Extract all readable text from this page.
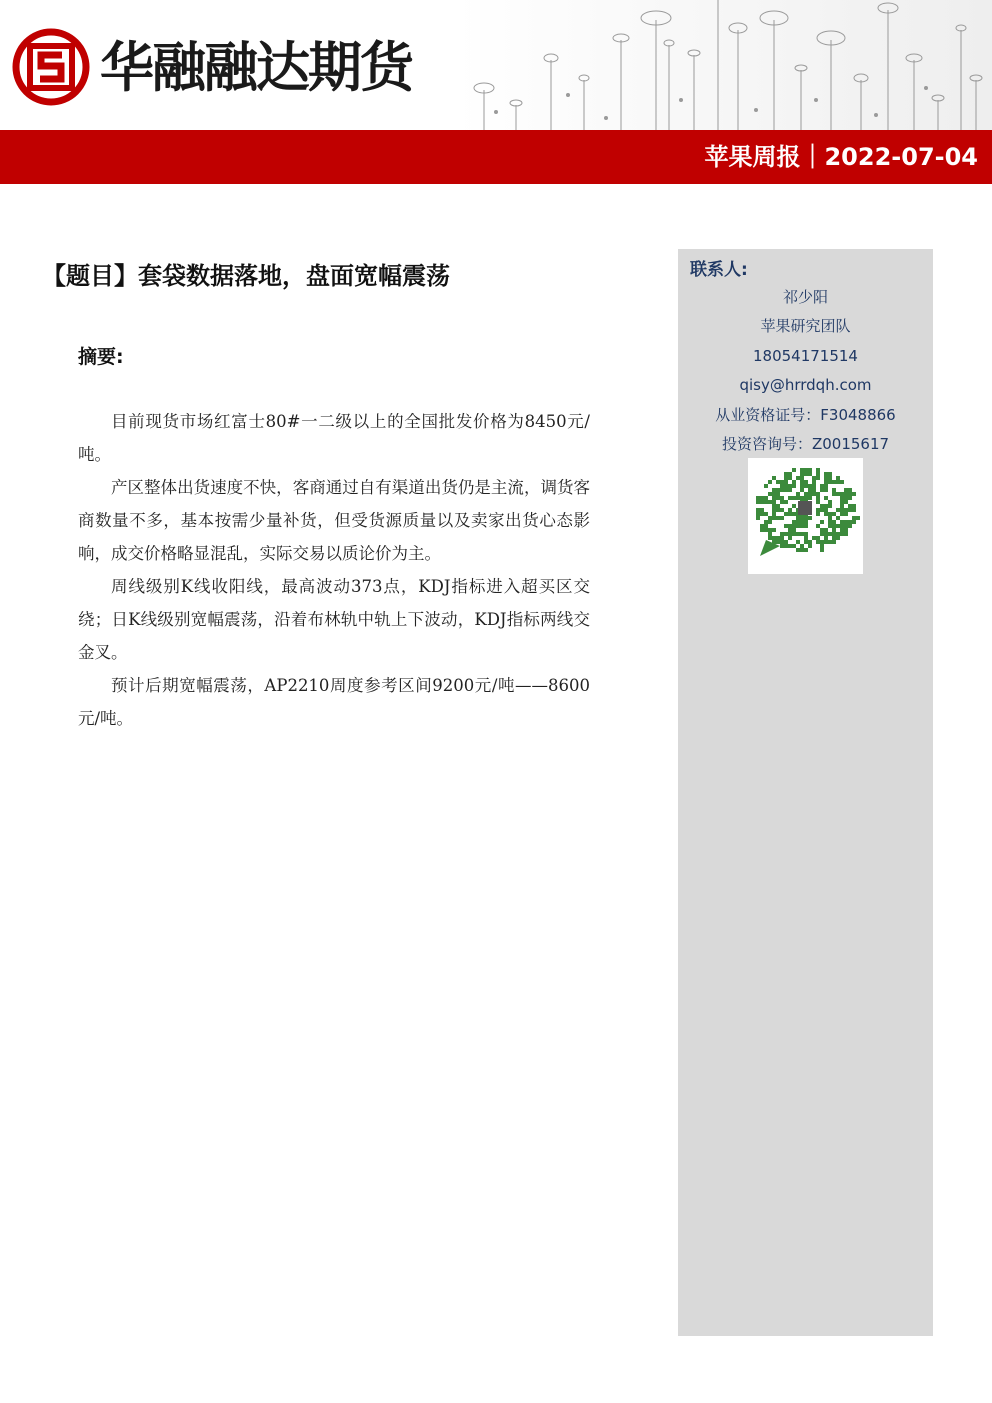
华融融达期货
苹果周报｜2022-07-04
【题目】套袋数据落地，盘面宽幅震荡
摘要:

目前现货市场红富士80#一二级以上的全国批发价格为8450元/吨。

产区整体出货速度不快，客商通过自有渠道出货仍是主流，调货客商数量不多，基本按需少量补货，但受货源质量以及卖家出货心态影响，成交价格略显混乱，实际交易以质论价为主。

周线级别K线收阳线，最高波动373点，KDJ指标进入超买区交绕；日K线级别宽幅震荡，沿着布林轨中轨上下波动，KDJ指标两线交金叉。

预计后期宽幅震荡，AP2210周度参考区间9200元/吨——8600元/吨。

联系人:
祁少阳
苹果研究团队
18054171514
qisy@hrrdqh.com
从业资格证号：F3048866
投资咨询号：Z0015617
